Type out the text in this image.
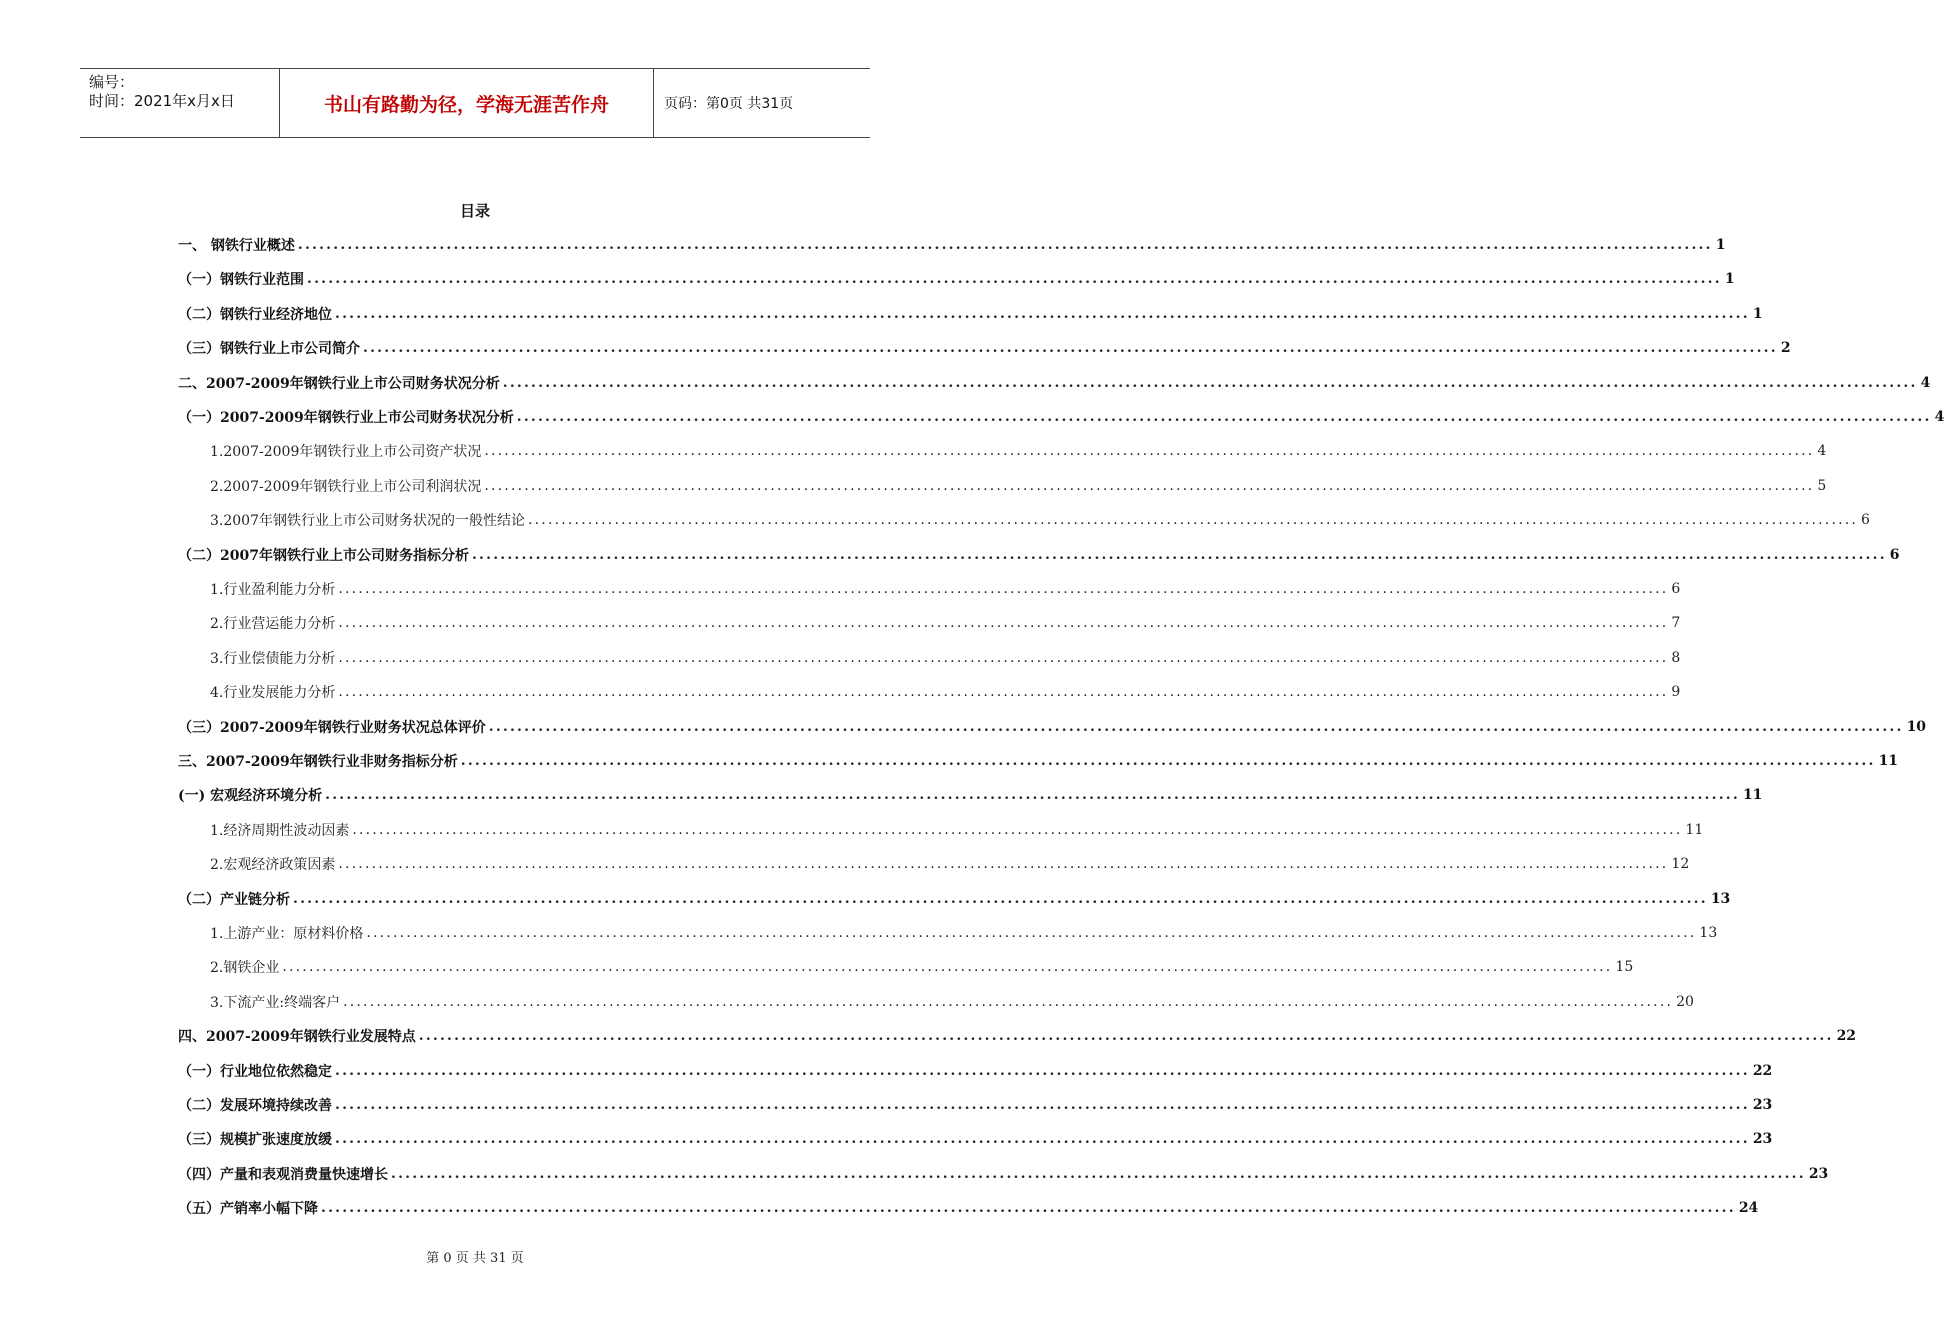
编号：
时间：2021年x月x日	书山有路勤为径，学海无涯苦作舟	页码：第0页 共31页
目录
一、 钢铁行业概述 ........................................................................................................................................................................................................ 1
（一）钢铁行业范围 ........................................................................................................................................................................................................ 1
（二）钢铁行业经济地位 ........................................................................................................................................................................................................ 1
（三）钢铁行业上市公司简介 ........................................................................................................................................................................................................ 2
二、2007-2009年钢铁行业上市公司财务状况分析 ........................................................................................................................................................................................................ 4
（一）2007-2009年钢铁行业上市公司财务状况分析 ........................................................................................................................................................................................................ 4
1.2007-2009年钢铁行业上市公司资产状况 ........................................................................................................................................................................................................ 4
2.2007-2009年钢铁行业上市公司利润状况 ........................................................................................................................................................................................................ 5
3.2007年钢铁行业上市公司财务状况的一般性结论 ........................................................................................................................................................................................................ 6
（二）2007年钢铁行业上市公司财务指标分析 ........................................................................................................................................................................................................ 6
1.行业盈利能力分析 ........................................................................................................................................................................................................ 6
2.行业营运能力分析 ........................................................................................................................................................................................................ 7
3.行业偿债能力分析 ........................................................................................................................................................................................................ 8
4.行业发展能力分析 ........................................................................................................................................................................................................ 9
（三）2007-2009年钢铁行业财务状况总体评价 ........................................................................................................................................................................................................ 10
三、2007-2009年钢铁行业非财务指标分析 ........................................................................................................................................................................................................ 11
(一) 宏观经济环境分析 ........................................................................................................................................................................................................ 11
1.经济周期性波动因素 ........................................................................................................................................................................................................ 11
2.宏观经济政策因素 ........................................................................................................................................................................................................ 12
（二）产业链分析 ........................................................................................................................................................................................................ 13
1.上游产业：原材料价格 ........................................................................................................................................................................................................ 13
2.钢铁企业 ........................................................................................................................................................................................................ 15
3.下流产业:终端客户 ........................................................................................................................................................................................................ 20
四、2007-2009年钢铁行业发展特点 ........................................................................................................................................................................................................ 22
（一）行业地位依然稳定 ........................................................................................................................................................................................................ 22
（二）发展环境持续改善 ........................................................................................................................................................................................................ 23
（三）规模扩张速度放缓 ........................................................................................................................................................................................................ 23
（四）产量和表观消费量快速增长 ........................................................................................................................................................................................................ 23
（五）产销率小幅下降 ........................................................................................................................................................................................................ 24
第 0 页 共 31 页
